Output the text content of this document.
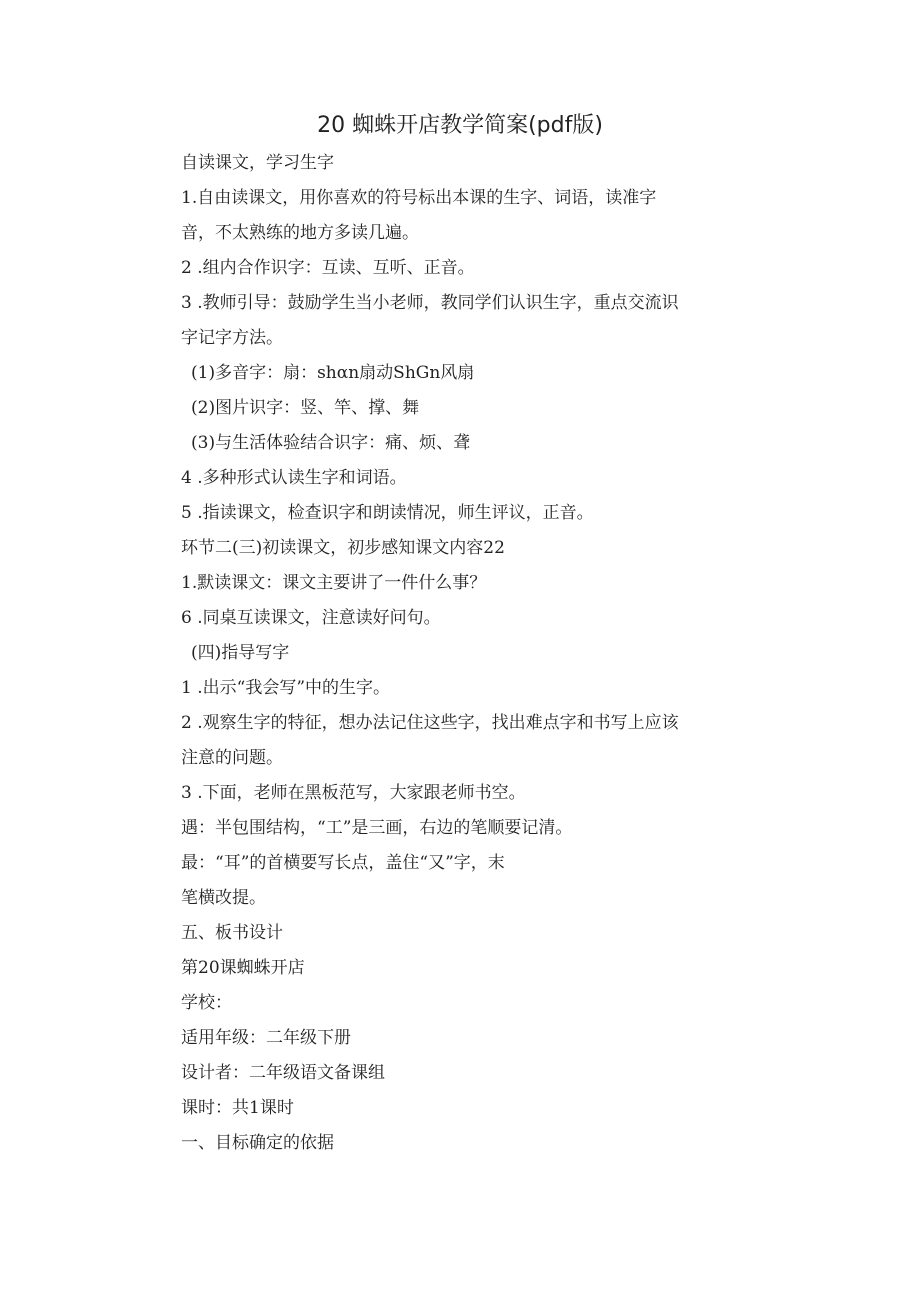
20 蜘蛛开店教学简案(pdf版)

自读课文，学习生字

1.自由读课文，用你喜欢的符号标出本课的生字、词语，读准字

音，不太熟练的地方多读几遍。

2 .组内合作识字：互读、互听、正音。

3 .教师引导：鼓励学生当小老师，教同学们认识生字，重点交流识

字记字方法。

(1)多音字：扇：shαn扇动ShGn风扇

(2)图片识字：竖、竿、撑、舞

(3)与生活体验结合识字：痛、烦、聋

4 .多种形式认读生字和词语。

5 .指读课文，检查识字和朗读情况，师生评议，正音。

环节二(三)初读课文，初步感知课文内容22

1.默读课文：课文主要讲了一件什么事？

6 .同桌互读课文，注意读好问句。

(四)指导写字

1 .出示“我会写”中的生字。

2 .观察生字的特征，想办法记住这些字，找出难点字和书写上应该

注意的问题。

3 .下面，老师在黑板范写，大家跟老师书空。

遇：半包围结构，“工”是三画，右边的笔顺要记清。

最：“耳”的首横要写长点，盖住“又”字，末

笔横改提。

五、板书设计

第20课蜘蛛开店

学校：

适用年级：二年级下册

设计者：二年级语文备课组

课时：共1课时

一、目标确定的依据
